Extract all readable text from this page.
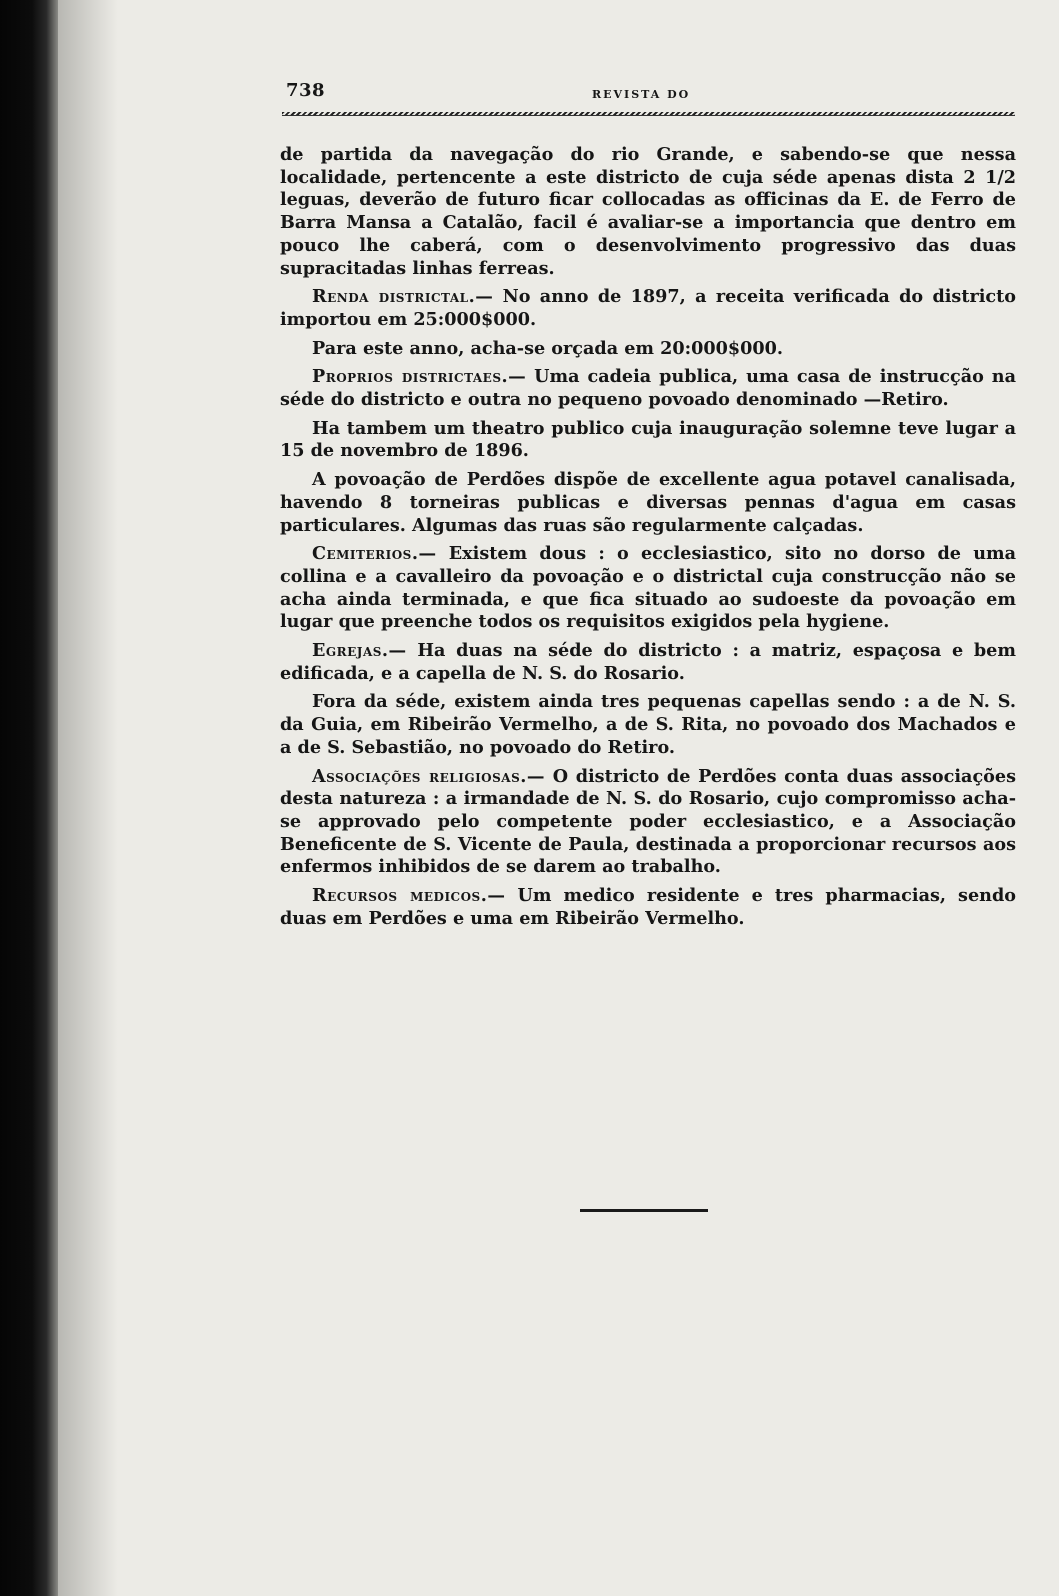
738	REVISTA DO

de partida da navegação do rio Grande, e sabendo-se que nessa localidade, pertencente a este districto de cuja séde apenas dista 2 1/2 leguas, deverão de futuro ficar collocadas as officinas da E. de Ferro de Barra Mansa a Catalão, facil é avaliar-se a importancia que dentro em pouco lhe caberá, com o desenvolvimento progressivo das duas supracitadas linhas ferreas.

Renda districtal.— No anno de 1897, a receita verificada do districto importou em 25:000$000.

Para este anno, acha-se orçada em 20:000$000.

Proprios districtaes.— Uma cadeia publica, uma casa de instrucção na séde do districto e outra no pequeno povoado denominado —Retiro.

Ha tambem um theatro publico cuja inauguração solemne teve lugar a 15 de novembro de 1896.

A povoação de Perdões dispõe de excellente agua potavel canalisada, havendo 8 torneiras publicas e diversas pennas d'agua em casas particulares. Algumas das ruas são regularmente calçadas.

Cemiterios.— Existem dous : o ecclesiastico, sito no dorso de uma collina e a cavalleiro da povoação e o districtal cuja construcção não se acha ainda terminada, e que fica situado ao sudoeste da povoação em lugar que preenche todos os requisitos exigidos pela hygiene.

Egrejas.— Ha duas na séde do districto : a matriz, espaçosa e bem edificada, e a capella de N. S. do Rosario.

Fora da séde, existem ainda tres pequenas capellas sendo : a de N. S. da Guia, em Ribeirão Vermelho, a de S. Rita, no povoado dos Machados e a de S. Sebastião, no povoado do Retiro.

Associações religiosas.— O districto de Perdões conta duas associações desta natureza : a irmandade de N. S. do Rosario, cujo compromisso acha-se approvado pelo competente poder ecclesiastico, e a Associação Beneficente de S. Vicente de Paula, destinada a proporcionar recursos aos enfermos inhibidos de se darem ao trabalho.

Recursos medicos.— Um medico residente e tres pharmacias, sendo duas em Perdões e uma em Ribeirão Vermelho.
